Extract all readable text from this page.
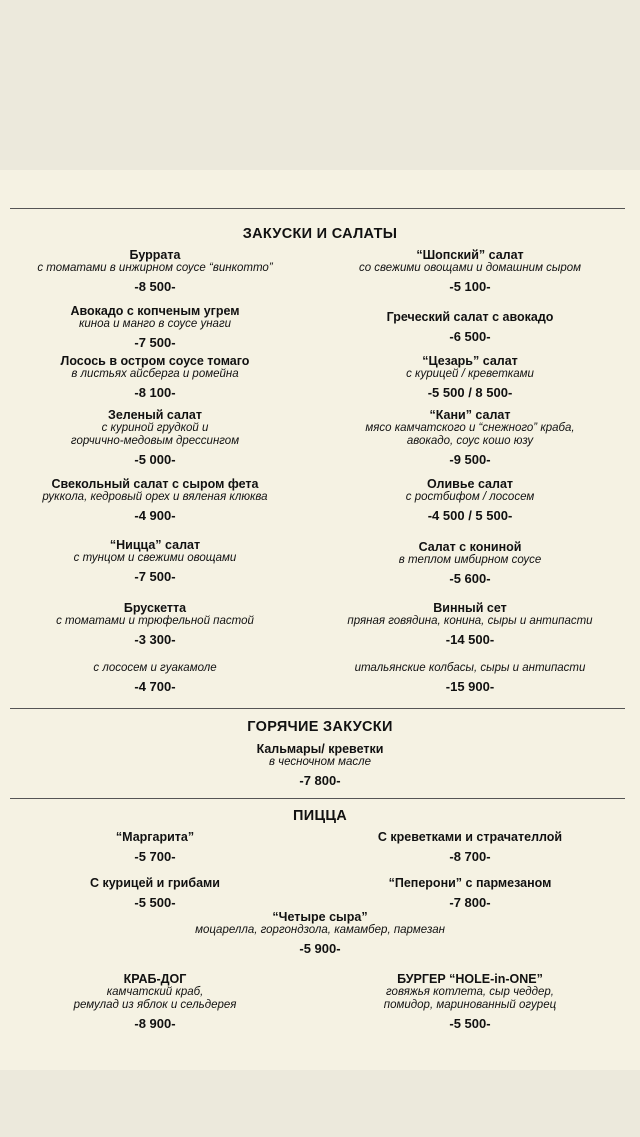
ЗАКУСКИ И САЛАТЫ

Буррата

с томатами в инжирном соусе “винкотто”

-8 500-

Авокадо с копченым угрем

киноа и манго в соусе унаги

-7 500-

Лосось в остром соусе томаго

в листьях айсберга и ромейна

-8 100-

Зеленый салат

с куриной грудкой и

горчично-медовым дрессингом

-5 000-

Свекольный салат с сыром фета

руккола, кедровый орех и вяленая клюква

-4 900-

“Ницца” салат

с тунцом и свежими овощами

-7 500-

Брускетта

с томатами и трюфельной пастой

-3 300-

с лососем и гуакамоле

-4 700-

“Шопский” салат

со свежими овощами и домашним сыром

-5 100-

Греческий салат с авокадо

-6 500-

“Цезарь” салат

с курицей / креветками

-5 500 / 8 500-

“Кани” салат

мясо камчатского и “снежного” краба,

авокадо, соус кошо юзу

-9 500-

Оливье салат

с ростбифом / лососем

-4 500 / 5 500-

Салат с кониной

в теплом имбирном соусе

-5 600-

Винный сет

пряная говядина, конина, сыры и антипасти

-14 500-

итальянские колбасы, сыры и антипасти

-15 900-

ГОРЯЧИЕ ЗАКУСКИ

Кальмары/ креветки

в чесночном масле

-7 800-

ПИЦЦА

“Маргарита”

-5 700-

С курицей и грибами

-5 500-

КРАБ-ДОГ

камчатский краб,

ремулад из яблок и сельдерея

-8 900-

С креветками и страчателлой

-8 700-

“Пеперони” с пармезаном

-7 800-

БУРГЕР “HOLE-in-ONE”

говяжья котлета, сыр чеддер,

помидор, маринованный огурец

-5 500-

“Четыре сыра”

моцарелла, горгондзола, камамбер, пармезан

-5 900-
